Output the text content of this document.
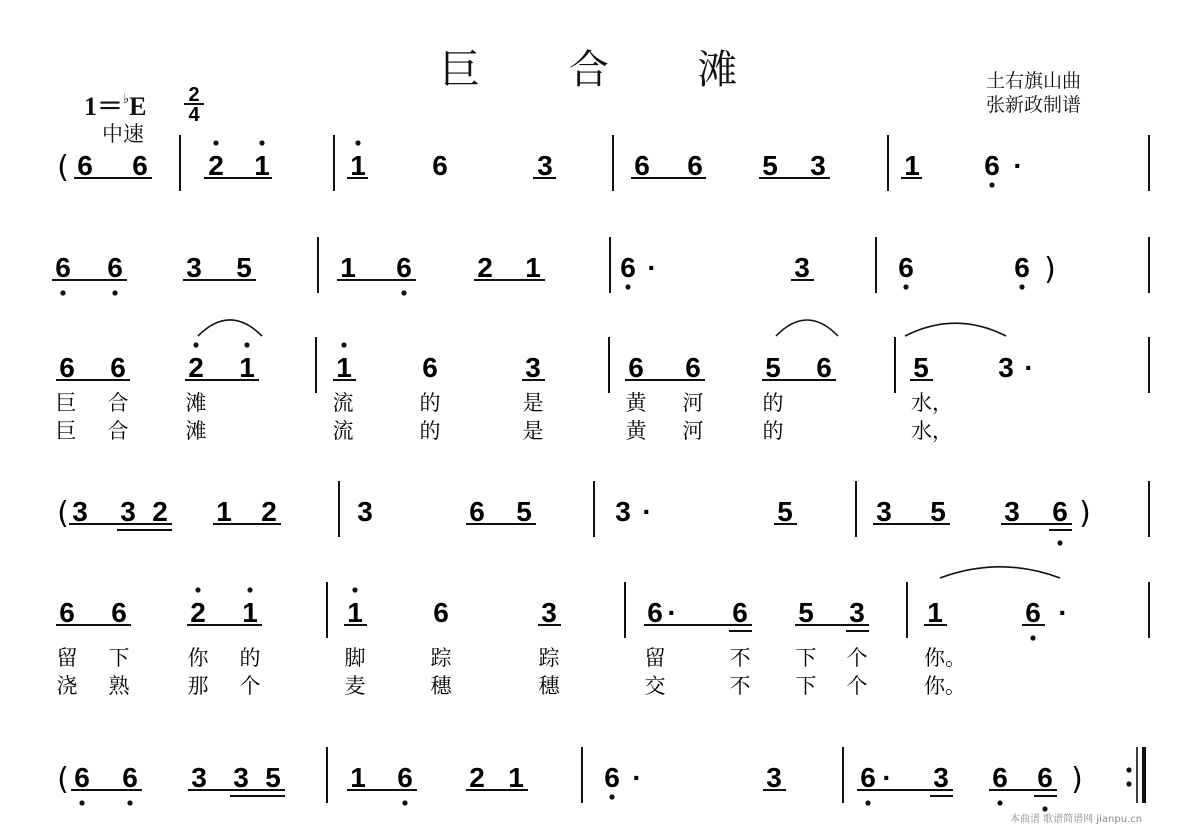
巨 合 滩	土右旗山曲
张新政制谱
1＝♭E
中速
2
4
6 6 2 1	1 6	3	6 6 5 3	1 6 ·
(
6 6 3 5	1 6 2 1	6 ·	3	6	6 )
6 6 2 1	1	6	3	6 6 5 6	5 3 ·
巨 合	滩	流	的	是	黄 河	的	水，
巨 合	滩	流	的	是	黄 河	的	水，
3 3 2 1 2	3	6 5	3 ·	5	3 5 3 6
(	)
6 6 2 1	1	6	3	6 · 6 5 3 1	6 ·
留 下	你 的	脚	踪	踪	留	不 下 个	你。
浇 熟	那 个	麦	穗	穗	交	不 下 个	你。
6 6 3 3 5 1 6 2 1	6 ·	3	6 · 3 6 6
(	)
本曲谱 歌谱简谱网 jianpu.cn
